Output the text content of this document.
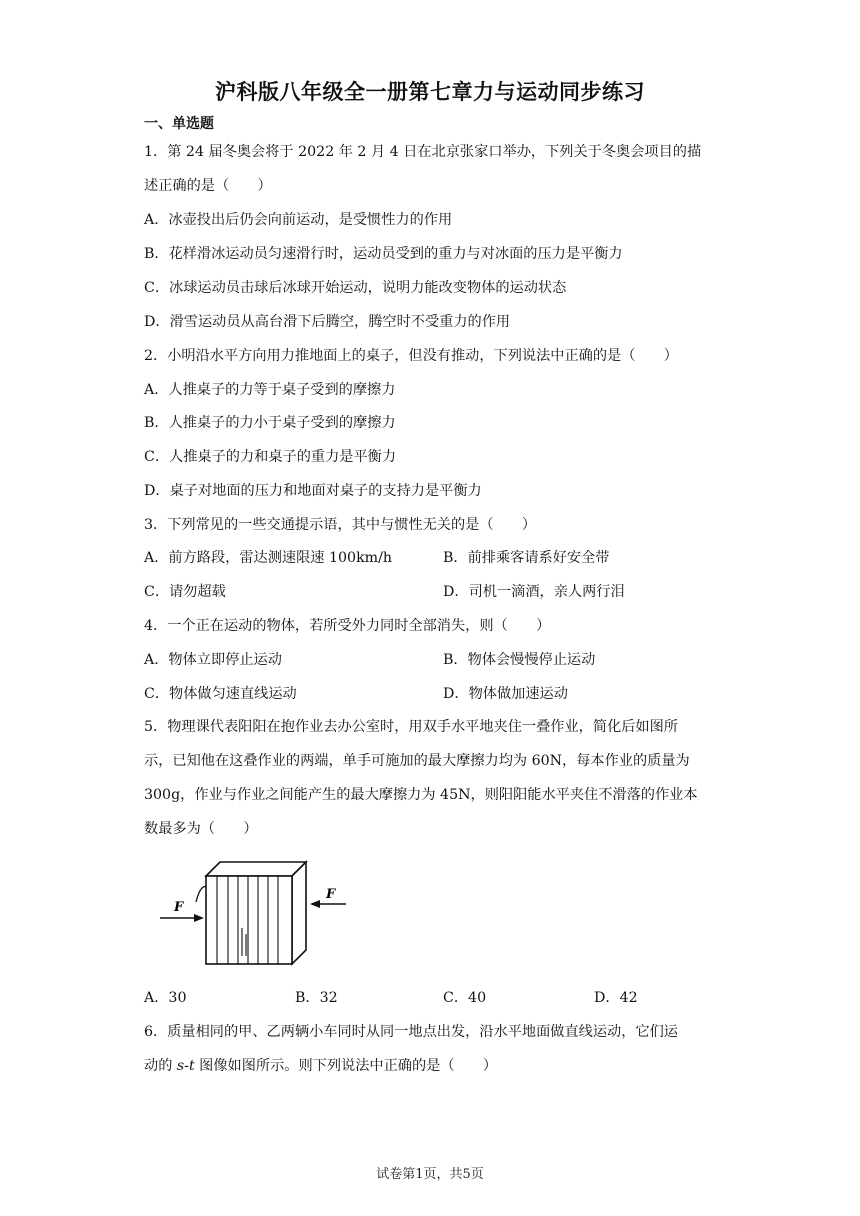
沪科版八年级全一册第七章力与运动同步练习
一、单选题
1．第 24 届冬奥会将于 2022 年 2 月 4 日在北京张家口举办，下列关于冬奥会项目的描
述正确的是（　　）
A．冰壶投出后仍会向前运动，是受惯性力的作用
B．花样滑冰运动员匀速滑行时，运动员受到的重力与对冰面的压力是平衡力
C．冰球运动员击球后冰球开始运动，说明力能改变物体的运动状态
D．滑雪运动员从高台滑下后腾空，腾空时不受重力的作用
2．小明沿水平方向用力推地面上的桌子，但没有推动，下列说法中正确的是（　　）
A．人推桌子的力等于桌子受到的摩擦力
B．人推桌子的力小于桌子受到的摩擦力
C．人推桌子的力和桌子的重力是平衡力
D．桌子对地面的压力和地面对桌子的支持力是平衡力
3．下列常见的一些交通提示语，其中与惯性无关的是（　　）
A．前方路段，雷达测速限速 100km/h	B．前排乘客请系好安全带
C．请勿超载	D．司机一滴酒，亲人两行泪
4．一个正在运动的物体，若所受外力同时全部消失，则（　　）
A．物体立即停止运动	B．物体会慢慢停止运动
C．物体做匀速直线运动	D．物体做加速运动
5．物理课代表阳阳在抱作业去办公室时，用双手水平地夹住一叠作业，简化后如图所
示，已知他在这叠作业的两端，单手可施加的最大摩擦力均为 60N，每本作业的质量为
300g，作业与作业之间能产生的最大摩擦力为 45N，则阳阳能水平夹住不滑落的作业本
数最多为（　　）
F
F
A．30	B．32	C．40	D．42
6．质量相同的甲、乙两辆小车同时从同一地点出发，沿水平地面做直线运动，它们运
动的 s-t 图像如图所示。则下列说法中正确的是（　　）
试卷第1页，共5页
